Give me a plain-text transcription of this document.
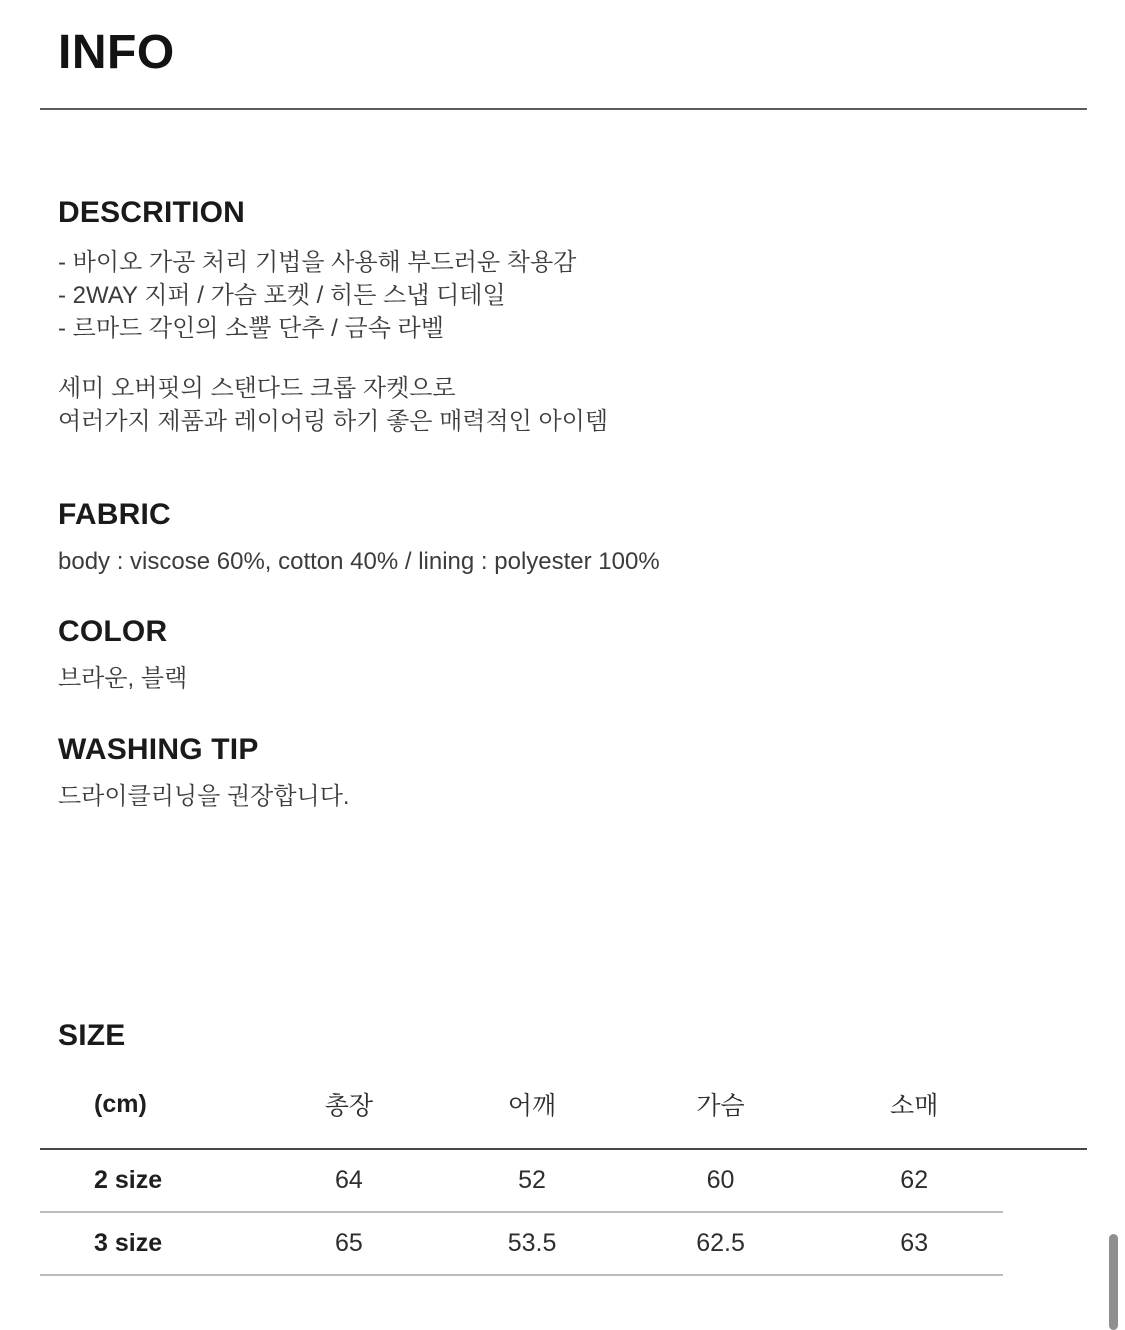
INFO
DESCRITION
- 바이오 가공 처리 기법을 사용해 부드러운 착용감
- 2WAY 지퍼 / 가슴 포켓 / 히든 스냅 디테일
- 르마드 각인의 소뿔 단추 / 금속 라벨
세미 오버핏의 스탠다드 크롭 자켓으로
여러가지 제품과 레이어링 하기 좋은 매력적인 아이템
FABRIC

body : viscose 60%, cotton 40% / lining : polyester 100%

COLOR

브라운, 블랙

WASHING TIP

드라이클리닝을 권장합니다.

SIZE
(cm)	총장	어깨	가슴	소매	
2 size	64	52	60	62	
3 size	65	53.5	62.5	63	
